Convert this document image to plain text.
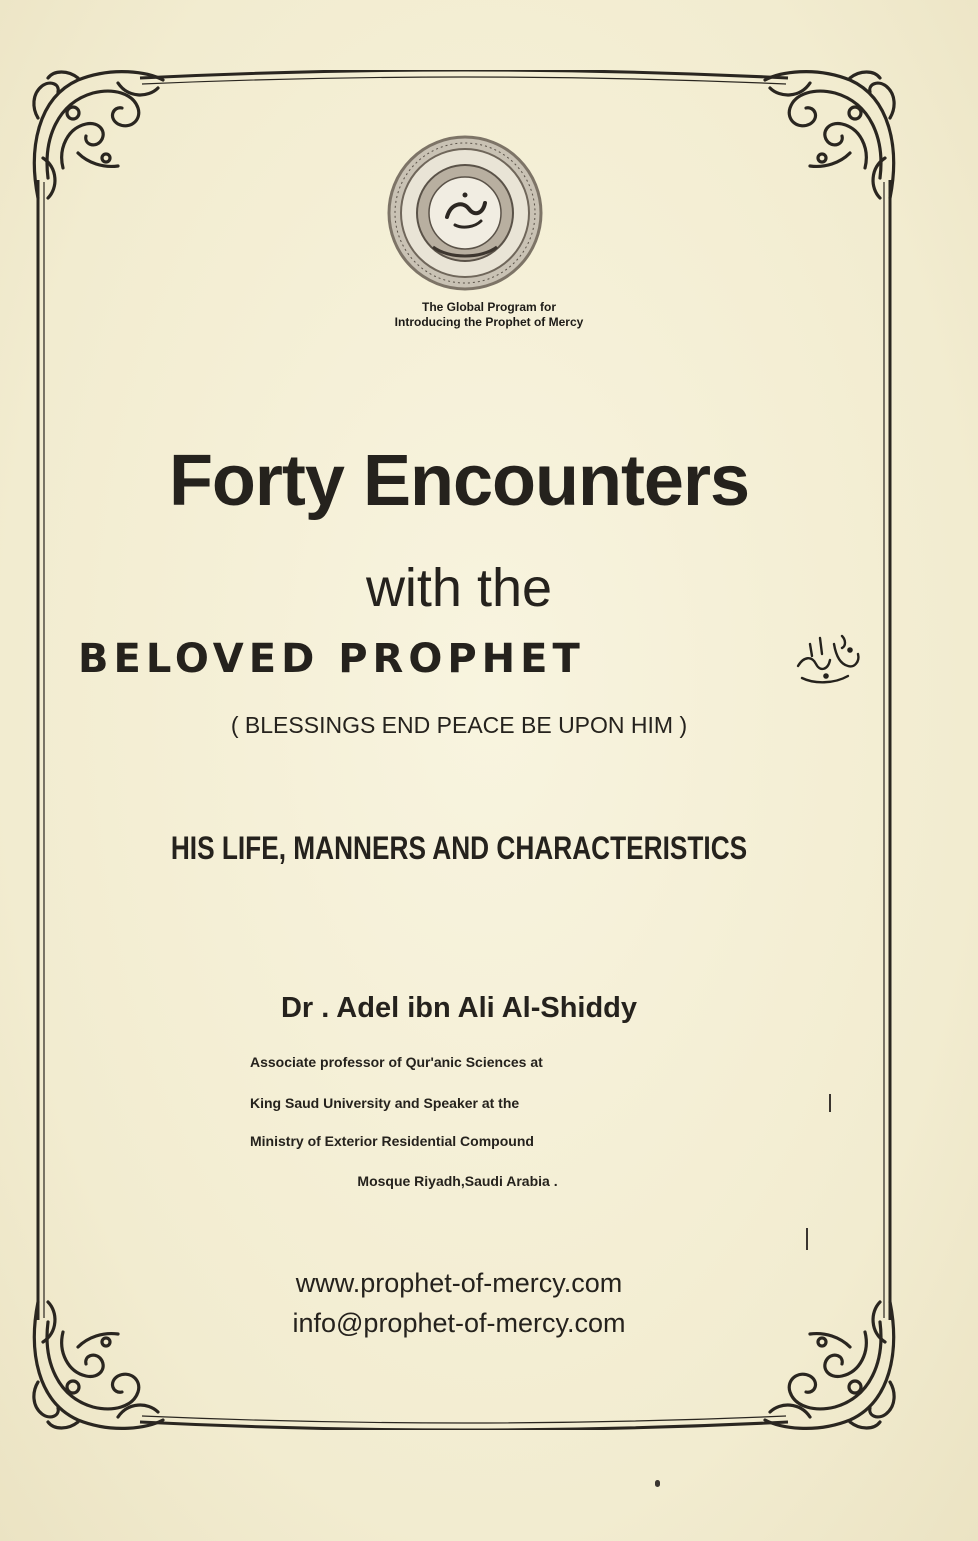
The Global Program for
Introducing the Prophet of Mercy
Forty Encounters
with the
BELOVED PROPHET
( BLESSINGS END PEACE BE UPON HIM )
HIS LIFE, MANNERS AND CHARACTERISTICS
Dr . Adel ibn Ali Al-Shiddy
Associate professor of Qur'anic Sciences at
King Saud University and Speaker at the
Ministry of Exterior Residential Compound
Mosque Riyadh,Saudi Arabia .
www.prophet-of-mercy.com
info@prophet-of-mercy.com
